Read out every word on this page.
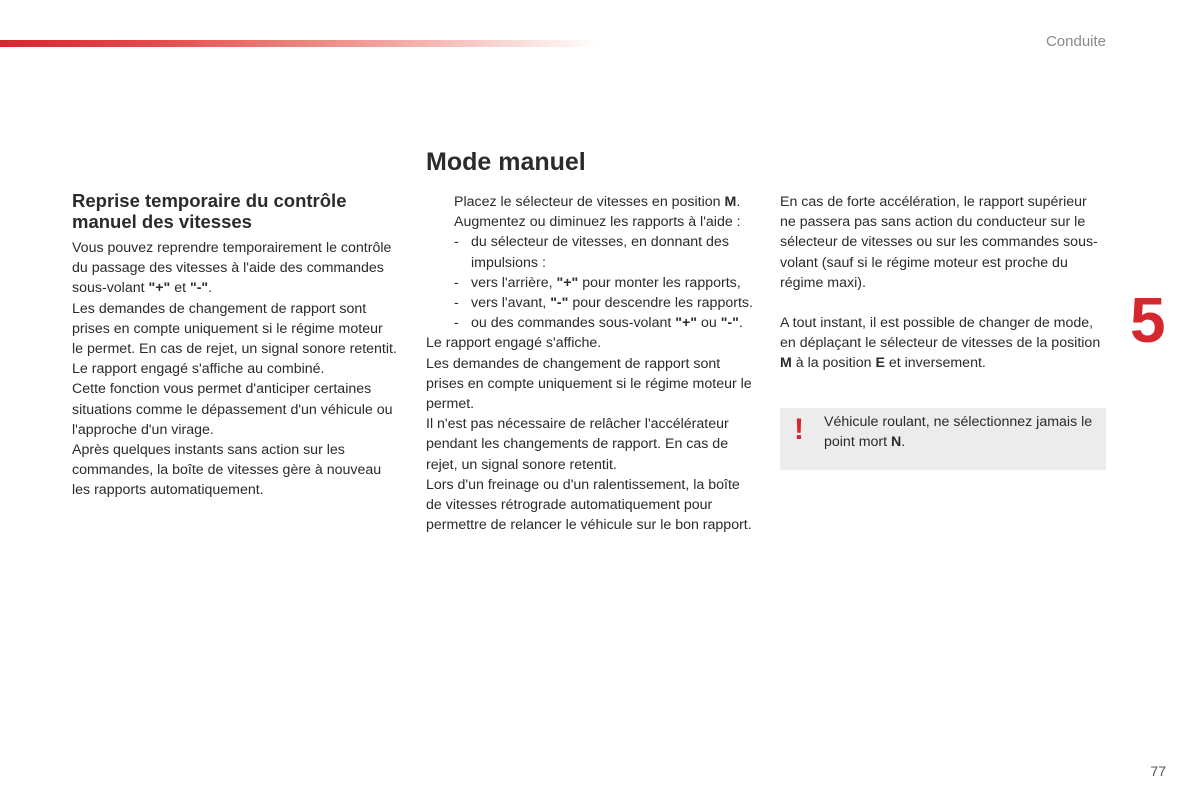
Conduite
5
77
Mode manuel
Reprise temporaire du contrôle manuel des vitesses

Vous pouvez reprendre temporairement le contrôle du passage des vitesses à l'aide des commandes sous-volant "+" et "-".

Les demandes de changement de rapport sont prises en compte uniquement si le régime moteur le permet. En cas de rejet, un signal sonore retentit.

Le rapport engagé s'affiche au combiné.

Cette fonction vous permet d'anticiper certaines situations comme le dépassement d'un véhicule ou l'approche d'un virage.

Après quelques instants sans action sur les commandes, la boîte de vitesses gère à nouveau les rapports automatiquement.

Placez le sélecteur de vitesses en position M.
Augmentez ou diminuez les rapports à l'aide :
- du sélecteur de vitesses, en donnant des impulsions :
- vers l'arrière, "+" pour monter les rapports,
- vers l'avant, "-" pour descendre les rapports.
- ou des commandes sous-volant "+" ou "-".

Le rapport engagé s'affiche.

Les demandes de changement de rapport sont prises en compte uniquement si le régime moteur le permet.

Il n'est pas nécessaire de relâcher l'accélérateur pendant les changements de rapport. En cas de rejet, un signal sonore retentit.

Lors d'un freinage ou d'un ralentissement, la boîte de vitesses rétrograde automatiquement pour permettre de relancer le véhicule sur le bon rapport.

En cas de forte accélération, le rapport supérieur ne passera pas sans action du conducteur sur le sélecteur de vitesses ou sur les commandes sous-volant (sauf si le régime moteur est proche du régime maxi).

A tout instant, il est possible de changer de mode, en déplaçant le sélecteur de vitesses de la position M à la position E et inversement.

! Véhicule roulant, ne sélectionnez jamais le point mort N.
